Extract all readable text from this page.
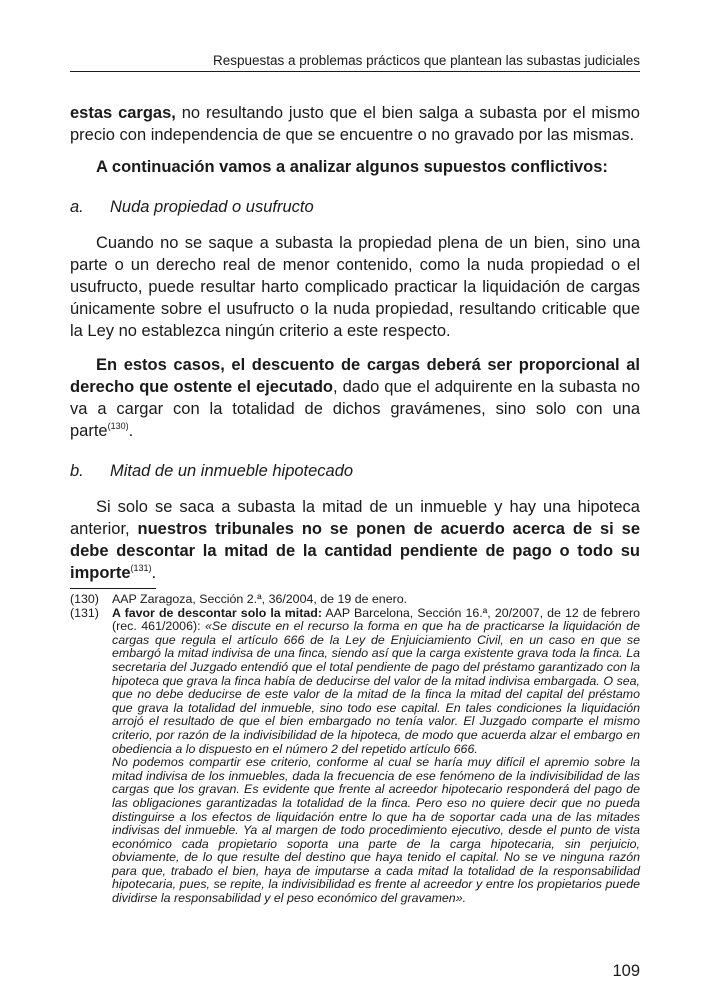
Respuestas a problemas prácticos que plantean las subastas judiciales

estas cargas, no resultando justo que el bien salga a subasta por el mismo precio con independencia de que se encuentre o no gravado por las mismas.

A continuación vamos a analizar algunos supuestos conflictivos:

a.	Nuda propiedad o usufructo

Cuando no se saque a subasta la propiedad plena de un bien, sino una parte o un derecho real de menor contenido, como la nuda propiedad o el usufructo, puede resultar harto complicado practicar la liquidación de cargas únicamente sobre el usufructo o la nuda propiedad, resultando criticable que la Ley no establezca ningún criterio a este respecto.

En estos casos, el descuento de cargas deberá ser proporcional al derecho que ostente el ejecutado, dado que el adquirente en la subasta no va a cargar con la totalidad de dichos gravámenes, sino solo con una parte$^{(130)}$.

b.	Mitad de un inmueble hipotecado

Si solo se saca a subasta la mitad de un inmueble y hay una hipoteca anterior, nuestros tribunales no se ponen de acuerdo acerca de si se debe descontar la mitad de la cantidad pendiente de pago o todo su importe$^{(131)}$.

(130)	AAP Zaragoza, Sección 2.ª, 36/2004, de 19 de enero.
(131)	A favor de descontar solo la mitad: AAP Barcelona, Sección 16.ª, 20/2007, de 12 de febrero (rec. 461/2006): «Se discute en el recurso la forma en que ha de practicarse la liquidación de cargas que regula el artículo 666 de la Ley de Enjuiciamiento Civil, en un caso en que se embargó la mitad indivisa de una finca, siendo así que la carga existente grava toda la finca. La secretaria del Juzgado entendió que el total pendiente de pago del préstamo garantizado con la hipoteca que grava la finca había de deducirse del valor de la mitad indivisa embargada. O sea, que no debe deducirse de este valor de la mitad de la finca la mitad del capital del préstamo que grava la totalidad del inmueble, sino todo ese capital. En tales condiciones la liquidación arrojó el resultado de que el bien embargado no tenía valor. El Juzgado comparte el mismo criterio, por razón de la indivisibilidad de la hipoteca, de modo que acuerda alzar el embargo en obediencia a lo dispuesto en el número 2 del repetido artículo 666.
No podemos compartir ese criterio, conforme al cual se haría muy difícil el apremio sobre la mitad indivisa de los inmuebles, dada la frecuencia de ese fenómeno de la indivisibilidad de las cargas que los gravan. Es evidente que frente al acreedor hipotecario responderá del pago de las obligaciones garantizadas la totalidad de la finca. Pero eso no quiere decir que no pueda distinguirse a los efectos de liquidación entre lo que ha de soportar cada una de las mitades indivisas del inmueble. Ya al margen de todo procedimiento ejecutivo, desde el punto de vista económico cada propietario soporta una parte de la carga hipotecaria, sin perjuicio, obviamente, de lo que resulte del destino que haya tenido el capital. No se ve ninguna razón para que, trabado el bien, haya de imputarse a cada mitad la totalidad de la responsabilidad hipotecaria, pues, se repite, la indivisibilidad es frente al acreedor y entre los propietarios puede dividirse la responsabilidad y el peso económico del gravamen».
109
